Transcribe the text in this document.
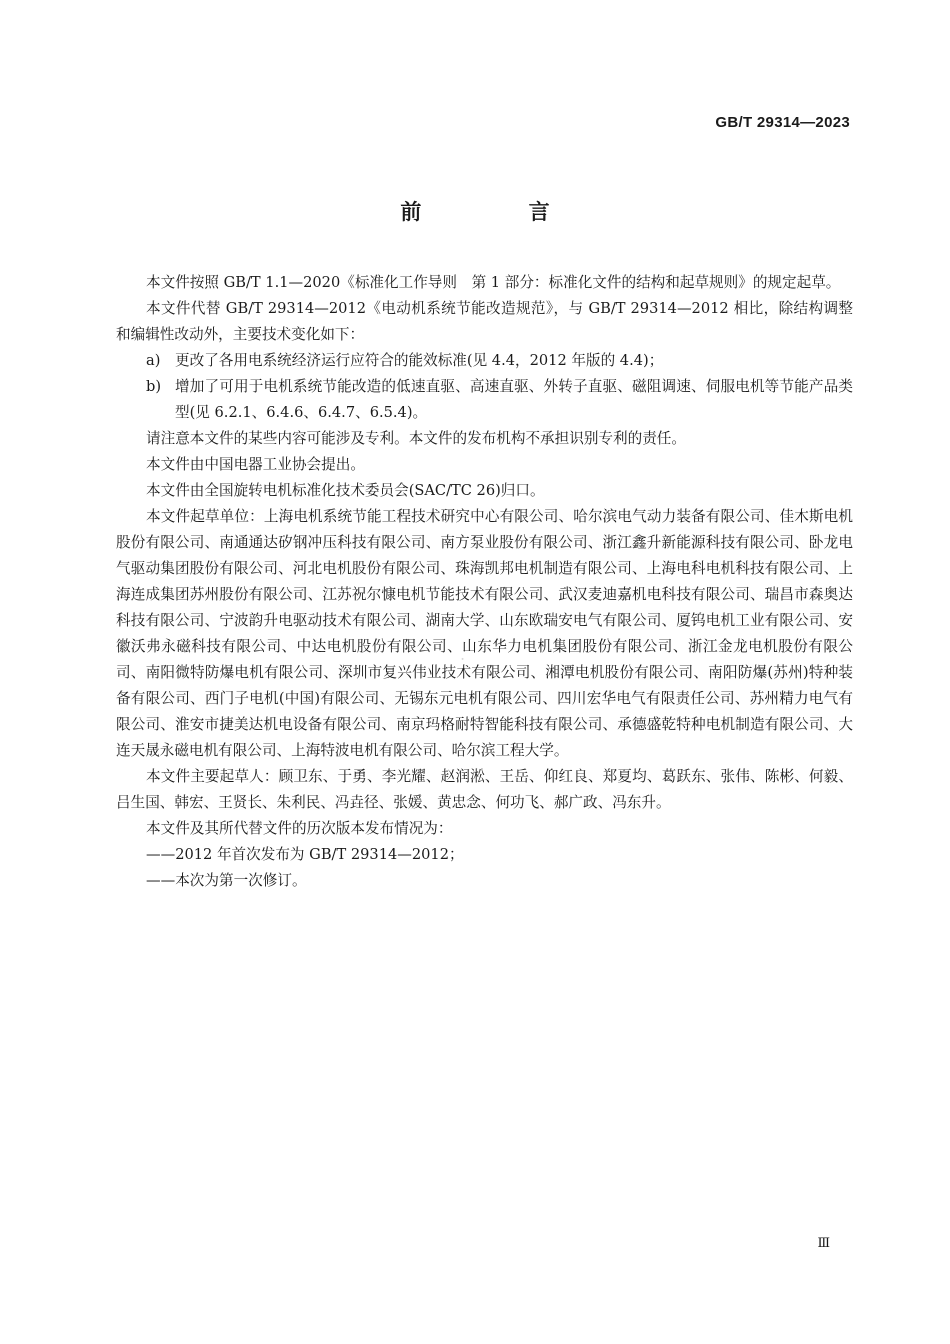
GB/T 29314—2023
前 言

本文件按照 GB/T 1.1—2020《标准化工作导则　第 1 部分：标准化文件的结构和起草规则》的规定起草。

本文件代替 GB/T 29314—2012《电动机系统节能改造规范》，与 GB/T 29314—2012 相比，除结构调整和编辑性改动外，主要技术变化如下：

a) 更改了各用电系统经济运行应符合的能效标准(见 4.4，2012 年版的 4.4)；

b) 增加了可用于电机系统节能改造的低速直驱、高速直驱、外转子直驱、磁阻调速、伺服电机等节能产品类型(见 6.2.1、6.4.6、6.4.7、6.5.4)。

请注意本文件的某些内容可能涉及专利。本文件的发布机构不承担识别专利的责任。

本文件由中国电器工业协会提出。

本文件由全国旋转电机标准化技术委员会(SAC/TC 26)归口。

本文件起草单位：上海电机系统节能工程技术研究中心有限公司、哈尔滨电气动力装备有限公司、佳木斯电机股份有限公司、南通通达矽钢冲压科技有限公司、南方泵业股份有限公司、浙江鑫升新能源科技有限公司、卧龙电气驱动集团股份有限公司、河北电机股份有限公司、珠海凯邦电机制造有限公司、上海电科电机科技有限公司、上海连成集团苏州股份有限公司、江苏祝尔慷电机节能技术有限公司、武汉麦迪嘉机电科技有限公司、瑞昌市森奥达科技有限公司、宁波韵升电驱动技术有限公司、湖南大学、山东欧瑞安电气有限公司、厦钨电机工业有限公司、安徽沃弗永磁科技有限公司、中达电机股份有限公司、山东华力电机集团股份有限公司、浙江金龙电机股份有限公司、南阳微特防爆电机有限公司、深圳市复兴伟业技术有限公司、湘潭电机股份有限公司、南阳防爆(苏州)特种装备有限公司、西门子电机(中国)有限公司、无锡东元电机有限公司、四川宏华电气有限责任公司、苏州精力电气有限公司、淮安市捷美达机电设备有限公司、南京玛格耐特智能科技有限公司、承德盛乾特种电机制造有限公司、大连天晟永磁电机有限公司、上海特波电机有限公司、哈尔滨工程大学。

本文件主要起草人：顾卫东、于勇、李光耀、赵润淞、王岳、仰红良、郑夏均、葛跃东、张伟、陈彬、何毅、吕生国、韩宏、王贤长、朱利民、冯垚径、张媛、黄忠念、何功飞、郝广政、冯东升。

本文件及其所代替文件的历次版本发布情况为：

——2012 年首次发布为 GB/T 29314—2012；

——本次为第一次修订。

·
Ⅲ
